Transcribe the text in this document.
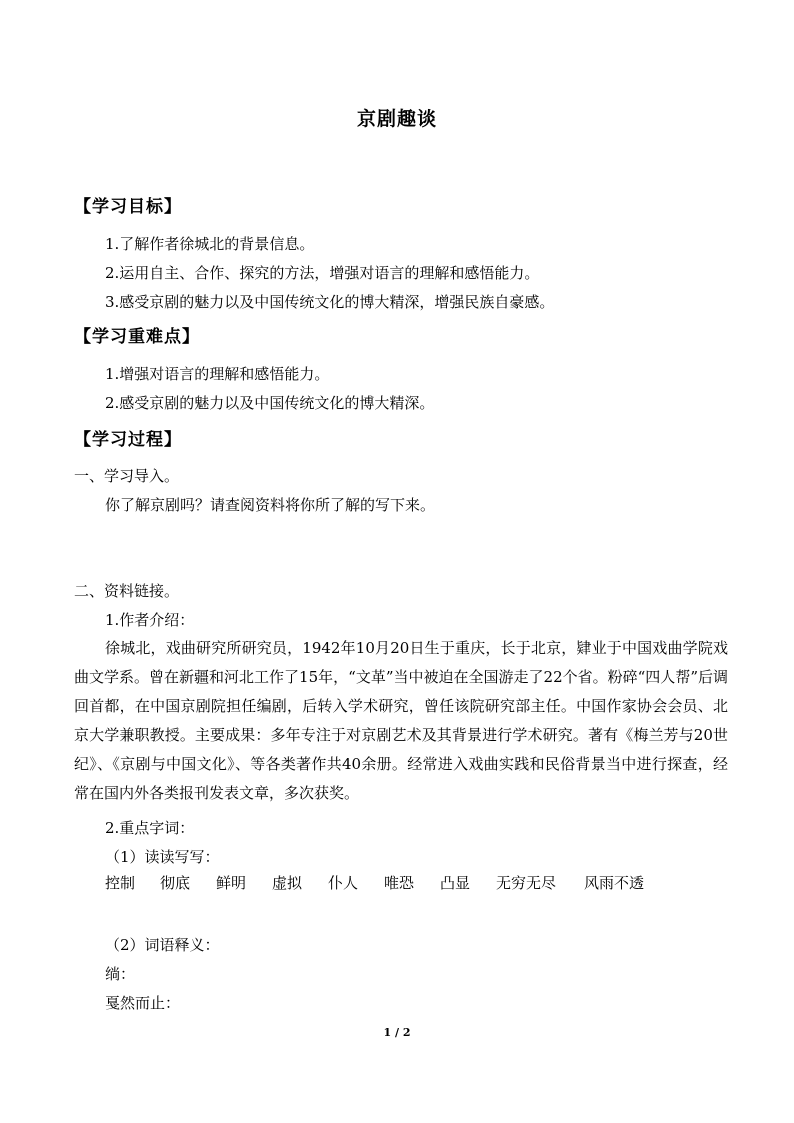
京剧趣谈
【学习目标】
1.了解作者徐城北的背景信息。
2.运用自主、合作、探究的方法，增强对语言的理解和感悟能力。
3.感受京剧的魅力以及中国传统文化的博大精深，增强民族自豪感。
【学习重难点】
1.增强对语言的理解和感悟能力。
2.感受京剧的魅力以及中国传统文化的博大精深。
【学习过程】
一、学习导入。
你了解京剧吗？请查阅资料将你所了解的写下来。
二、资料链接。
1.作者介绍：
徐城北，戏曲研究所研究员，1942年10月20日生于重庆，长于北京，肄业于中国戏曲学院戏曲文学系。曾在新疆和河北工作了15年，“文革”当中被迫在全国游走了22个省。粉碎“四人帮”后调回首都，在中国京剧院担任编剧，后转入学术研究，曾任该院研究部主任。中国作家协会会员、北京大学兼职教授。主要成果：多年专注于对京剧艺术及其背景进行学术研究。著有《梅兰芳与20世纪》、《京剧与中国文化》、等各类著作共40余册。经常进入戏曲实践和民俗背景当中进行探查，经常在国内外各类报刊发表文章，多次获奖。
2.重点字词：
（1）读读写写：
控制 彻底 鲜明 虚拟 仆人 唯恐 凸显 无穷无尽 风雨不透
（2）词语释义：
绱：
戛然而止：
1 / 2
